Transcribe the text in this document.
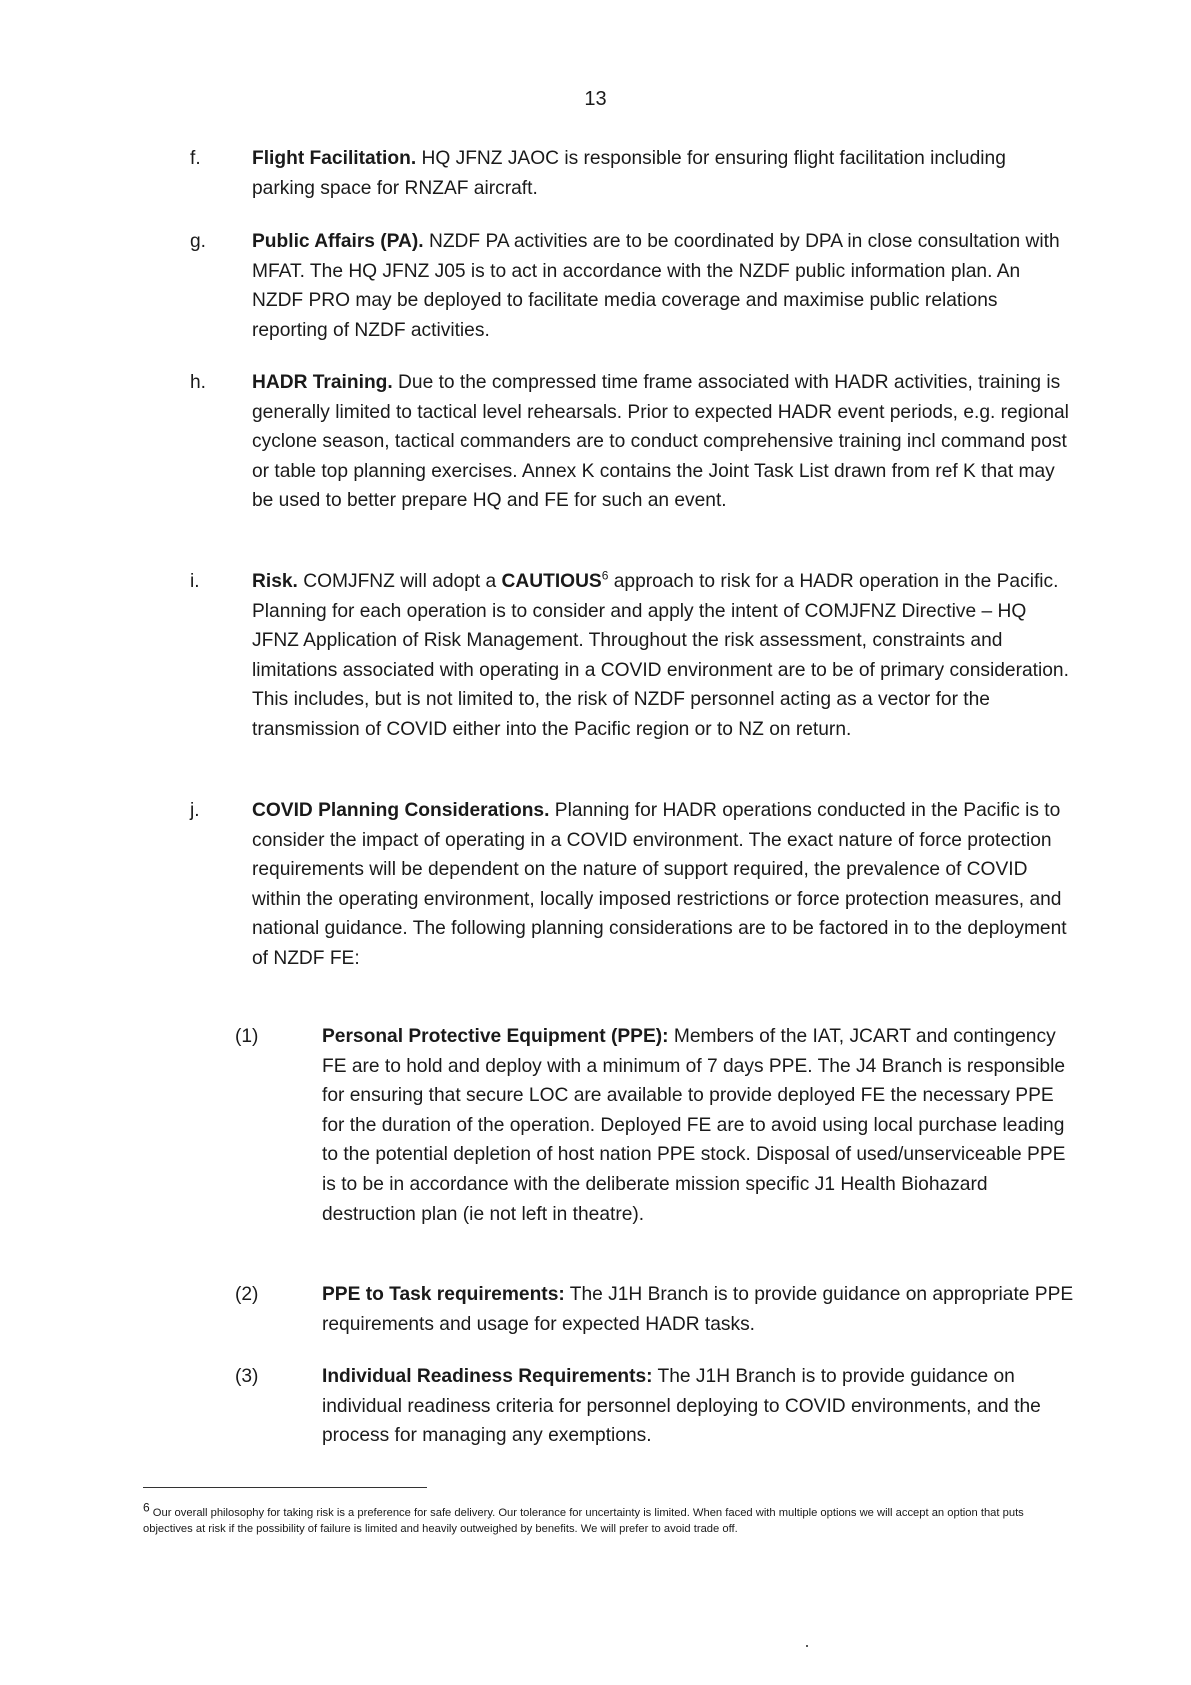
13
f.	Flight Facilitation. HQ JFNZ JAOC is responsible for ensuring flight facilitation including parking space for RNZAF aircraft.
g. Public Affairs (PA). NZDF PA activities are to be coordinated by DPA in close consultation with MFAT. The HQ JFNZ J05 is to act in accordance with the NZDF public information plan. An NZDF PRO may be deployed to facilitate media coverage and maximise public relations reporting of NZDF activities.
h. HADR Training. Due to the compressed time frame associated with HADR activities, training is generally limited to tactical level rehearsals. Prior to expected HADR event periods, e.g. regional cyclone season, tactical commanders are to conduct comprehensive training incl command post or table top planning exercises. Annex K contains the Joint Task List drawn from ref K that may be used to better prepare HQ and FE for such an event.
i.	Risk. COMJFNZ will adopt a CAUTIOUS$^6$ approach to risk for a HADR operation in the Pacific. Planning for each operation is to consider and apply the intent of COMJFNZ Directive – HQ JFNZ Application of Risk Management. Throughout the risk assessment, constraints and limitations associated with operating in a COVID environment are to be of primary consideration. This includes, but is not limited to, the risk of NZDF personnel acting as a vector for the transmission of COVID either into the Pacific region or to NZ on return.
j.	COVID Planning Considerations. Planning for HADR operations conducted in the Pacific is to consider the impact of operating in a COVID environment. The exact nature of force protection requirements will be dependent on the nature of support required, the prevalence of COVID within the operating environment, locally imposed restrictions or force protection measures, and national guidance. The following planning considerations are to be factored in to the deployment of NZDF FE:
(1)	Personal Protective Equipment (PPE): Members of the IAT, JCART and contingency FE are to hold and deploy with a minimum of 7 days PPE. The J4 Branch is responsible for ensuring that secure LOC are available to provide deployed FE the necessary PPE for the duration of the operation. Deployed FE are to avoid using local purchase leading to the potential depletion of host nation PPE stock. Disposal of used/unserviceable PPE is to be in accordance with the deliberate mission specific J1 Health Biohazard destruction plan (ie not left in theatre).
(2)	PPE to Task requirements: The J1H Branch is to provide guidance on appropriate PPE requirements and usage for expected HADR tasks.
(3)	Individual Readiness Requirements: The J1H Branch is to provide guidance on individual readiness criteria for personnel deploying to COVID environments, and the process for managing any exemptions.
$^6$ Our overall philosophy for taking risk is a preference for safe delivery. Our tolerance for uncertainty is limited. When faced with multiple options we will accept an option that puts objectives at risk if the possibility of failure is limited and heavily outweighed by benefits. We will prefer to avoid trade off.
